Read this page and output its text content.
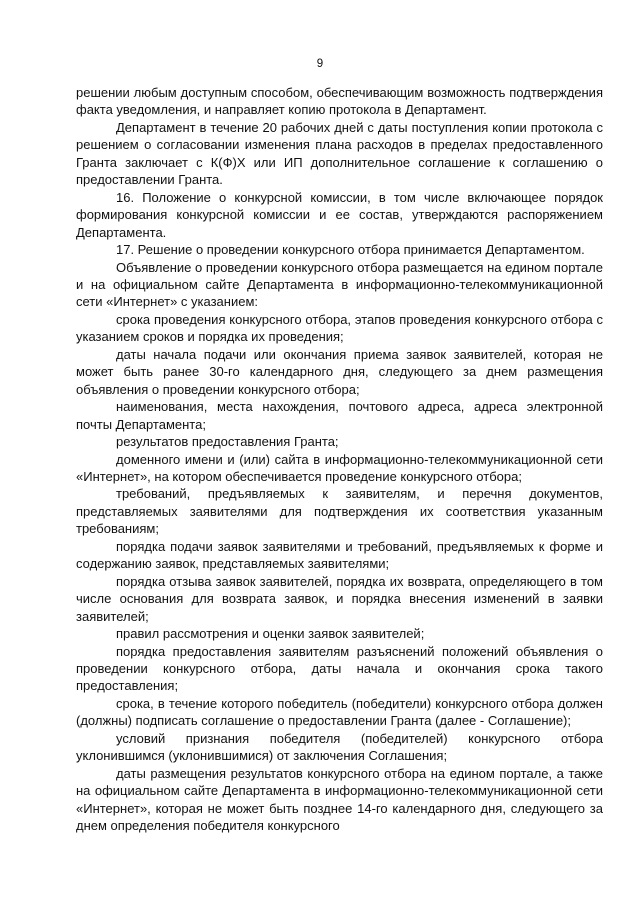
9

решении любым доступным способом, обеспечивающим возможность подтверждения факта уведомления, и направляет копию протокола в Департамент.

Департамент в течение 20 рабочих дней с даты поступления копии протокола с решением о согласовании изменения плана расходов в пределах предоставленного Гранта заключает с К(Ф)Х или ИП дополнительное соглашение к соглашению о предоставлении Гранта.

16. Положение о конкурсной комиссии, в том числе включающее порядок формирования конкурсной комиссии и ее состав, утверждаются распоряжением Департамента.

17. Решение о проведении конкурсного отбора принимается Департаментом.

Объявление о проведении конкурсного отбора размещается на едином портале и на официальном сайте Департамента в информационно-телекоммуникационной сети «Интернет» с указанием:

срока проведения конкурсного отбора, этапов проведения конкурсного отбора с указанием сроков и порядка их проведения;

даты начала подачи или окончания приема заявок заявителей, которая не может быть ранее 30-го календарного дня, следующего за днем размещения объявления о проведении конкурсного отбора;

наименования, места нахождения, почтового адреса, адреса электронной почты Департамента;

результатов предоставления Гранта;

доменного имени и (или) сайта в информационно-телекоммуникационной сети «Интернет», на котором обеспечивается проведение конкурсного отбора;

требований, предъявляемых к заявителям, и перечня документов, представляемых заявителями для подтверждения их соответствия указанным требованиям;

порядка подачи заявок заявителями и требований, предъявляемых к форме и содержанию заявок, представляемых заявителями;

порядка отзыва заявок заявителей, порядка их возврата, определяющего в том числе основания для возврата заявок, и порядка внесения изменений в заявки заявителей;

правил рассмотрения и оценки заявок заявителей;

порядка предоставления заявителям разъяснений положений объявления о проведении конкурсного отбора, даты начала и окончания срока такого предоставления;

срока, в течение которого победитель (победители) конкурсного отбора должен (должны) подписать соглашение о предоставлении Гранта (далее - Соглашение);

условий признания победителя (победителей) конкурсного отбора уклонившимся (уклонившимися) от заключения Соглашения;

даты размещения результатов конкурсного отбора на едином портале, а также на официальном сайте Департамента в информационно-телекоммуникационной сети «Интернет», которая не может быть позднее 14-го календарного дня, следующего за днем определения победителя конкурсного
